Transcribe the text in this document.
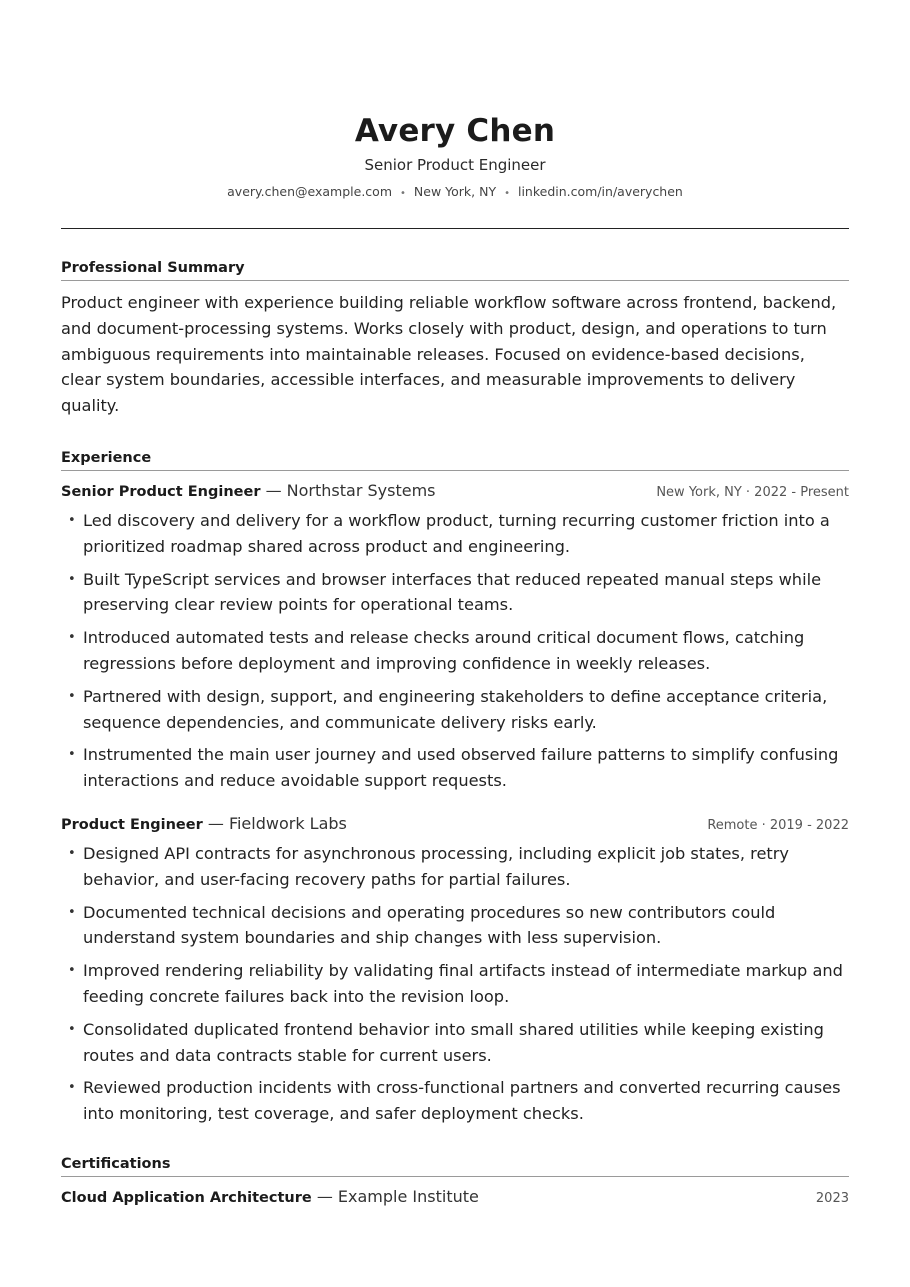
Avery Chen
Senior Product Engineer
avery.chen@example.com • New York, NY • linkedin.com/in/averychen
Professional Summary
Product engineer with experience building reliable workflow software across frontend, backend, and document-processing systems. Works closely with product, design, and operations to turn ambiguous requirements into maintainable releases. Focused on evidence-based decisions, clear system boundaries, accessible interfaces, and measurable improvements to delivery quality.
Experience
Senior Product Engineer — Northstar Systems	New York, NY · 2022 - Present
• Led discovery and delivery for a workflow product, turning recurring customer friction into a prioritized roadmap shared across product and engineering.
• Built TypeScript services and browser interfaces that reduced repeated manual steps while preserving clear review points for operational teams.
• Introduced automated tests and release checks around critical document flows, catching regressions before deployment and improving confidence in weekly releases.
• Partnered with design, support, and engineering stakeholders to define acceptance criteria, sequence dependencies, and communicate delivery risks early.
• Instrumented the main user journey and used observed failure patterns to simplify confusing interactions and reduce avoidable support requests.
Product Engineer — Fieldwork Labs	Remote · 2019 - 2022
• Designed API contracts for asynchronous processing, including explicit job states, retry behavior, and user-facing recovery paths for partial failures.
• Documented technical decisions and operating procedures so new contributors could understand system boundaries and ship changes with less supervision.
• Improved rendering reliability by validating final artifacts instead of intermediate markup and feeding concrete failures back into the revision loop.
• Consolidated duplicated frontend behavior into small shared utilities while keeping existing routes and data contracts stable for current users.
• Reviewed production incidents with cross-functional partners and converted recurring causes into monitoring, test coverage, and safer deployment checks.
Certifications
Cloud Application Architecture — Example Institute	2023
